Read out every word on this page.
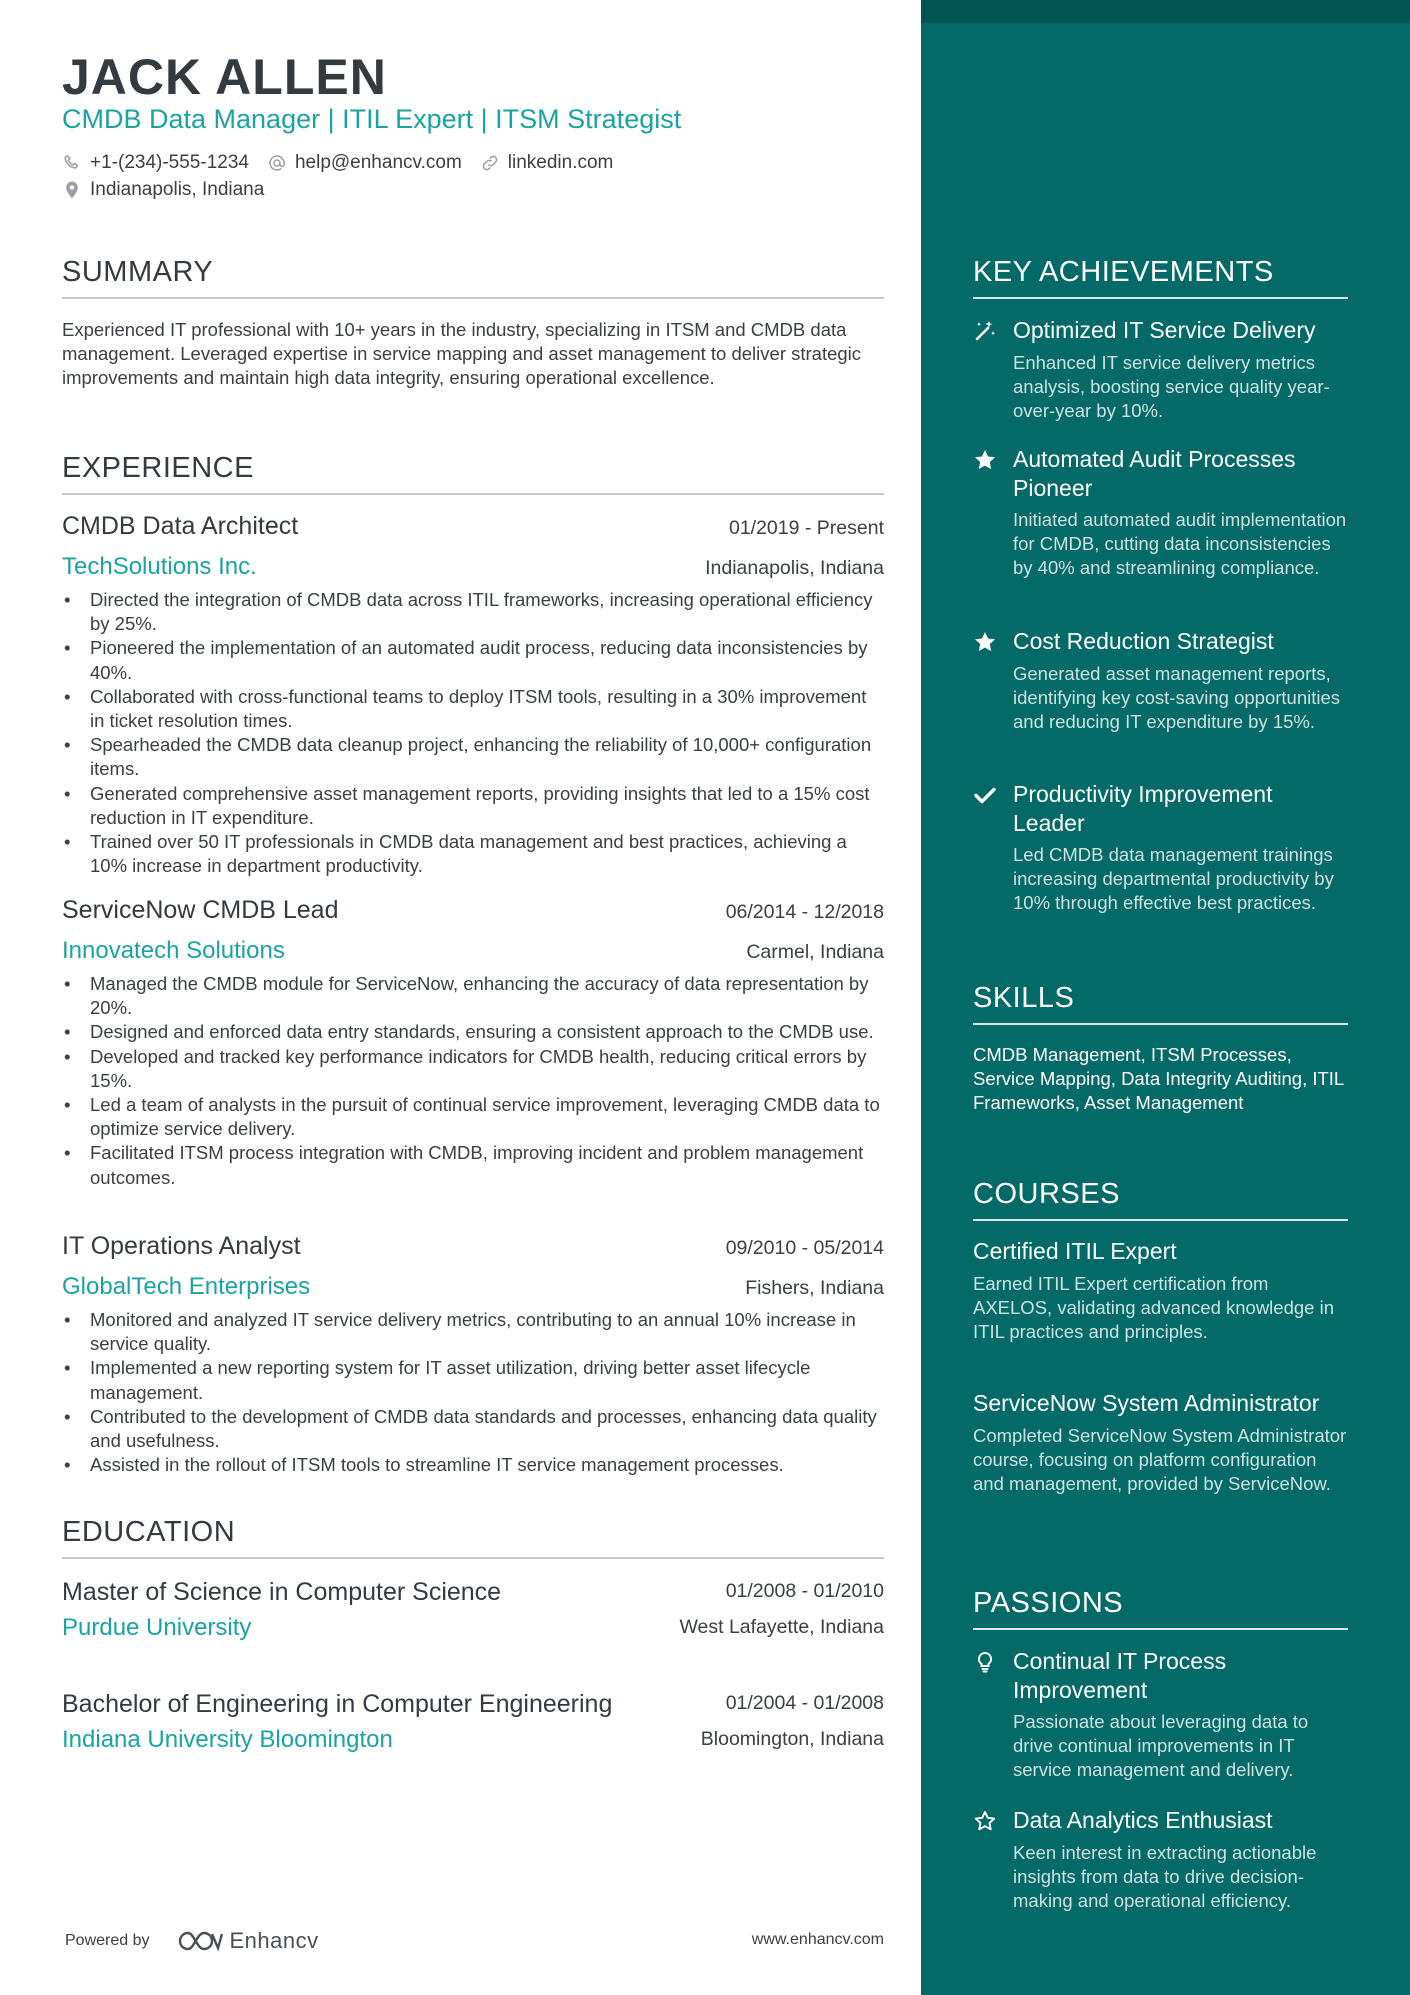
JACK ALLEN
CMDB Data Manager | ITIL Expert | ITSM Strategist
+1-(234)-555-1234 help@enhancv.com linkedin.com
Indianapolis, Indiana
SUMMARY

Experienced IT professional with 10+ years in the industry, specializing in ITSM and CMDB data management. Leveraged expertise in service mapping and asset management to deliver strategic improvements and maintain high data integrity, ensuring operational excellence.

EXPERIENCE
CMDB Data Architect	01/2019 - Present
TechSolutions Inc.	Indianapolis, Indiana
• Directed the integration of CMDB data across ITIL frameworks, increasing operational efficiency by 25%.
• Pioneered the implementation of an automated audit process, reducing data inconsistencies by 40%.
• Collaborated with cross-functional teams to deploy ITSM tools, resulting in a 30% improvement in ticket resolution times.
• Spearheaded the CMDB data cleanup project, enhancing the reliability of 10,000+ configuration items.
• Generated comprehensive asset management reports, providing insights that led to a 15% cost reduction in IT expenditure.
• Trained over 50 IT professionals in CMDB data management and best practices, achieving a 10% increase in department productivity.
ServiceNow CMDB Lead	06/2014 - 12/2018
Innovatech Solutions	Carmel, Indiana
• Managed the CMDB module for ServiceNow, enhancing the accuracy of data representation by 20%.
• Designed and enforced data entry standards, ensuring a consistent approach to the CMDB use.
• Developed and tracked key performance indicators for CMDB health, reducing critical errors by 15%.
• Led a team of analysts in the pursuit of continual service improvement, leveraging CMDB data to optimize service delivery.
• Facilitated ITSM process integration with CMDB, improving incident and problem management outcomes.
IT Operations Analyst	09/2010 - 05/2014
GlobalTech Enterprises	Fishers, Indiana
• Monitored and analyzed IT service delivery metrics, contributing to an annual 10% increase in service quality.
• Implemented a new reporting system for IT asset utilization, driving better asset lifecycle management.
• Contributed to the development of CMDB data standards and processes, enhancing data quality and usefulness.
• Assisted in the rollout of ITSM tools to streamline IT service management processes.
EDUCATION
Master of Science in Computer Science	01/2008 - 01/2010
Purdue University	West Lafayette, Indiana
Bachelor of Engineering in Computer Engineering	01/2004 - 01/2008
Indiana University Bloomington	Bloomington, Indiana
Powered by	Enhancv	www.enhancv.com
KEY ACHIEVEMENTS
Optimized IT Service Delivery
Enhanced IT service delivery metrics analysis, boosting service quality year-over-year by 10%.
Automated Audit Processes Pioneer
Initiated automated audit implementation for CMDB, cutting data inconsistencies by 40% and streamlining compliance.
Cost Reduction Strategist
Generated asset management reports, identifying key cost-saving opportunities and reducing IT expenditure by 15%.
Productivity Improvement Leader
Led CMDB data management trainings increasing departmental productivity by 10% through effective best practices.
SKILLS
CMDB Management, ITSM Processes, Service Mapping, Data Integrity Auditing, ITIL Frameworks, Asset Management
COURSES
Certified ITIL Expert
Earned ITIL Expert certification from AXELOS, validating advanced knowledge in ITIL practices and principles.
ServiceNow System Administrator
Completed ServiceNow System Administrator course, focusing on platform configuration and management, provided by ServiceNow.
PASSIONS
Continual IT Process Improvement
Passionate about leveraging data to drive continual improvements in IT service management and delivery.
Data Analytics Enthusiast
Keen interest in extracting actionable insights from data to drive decision-making and operational efficiency.
